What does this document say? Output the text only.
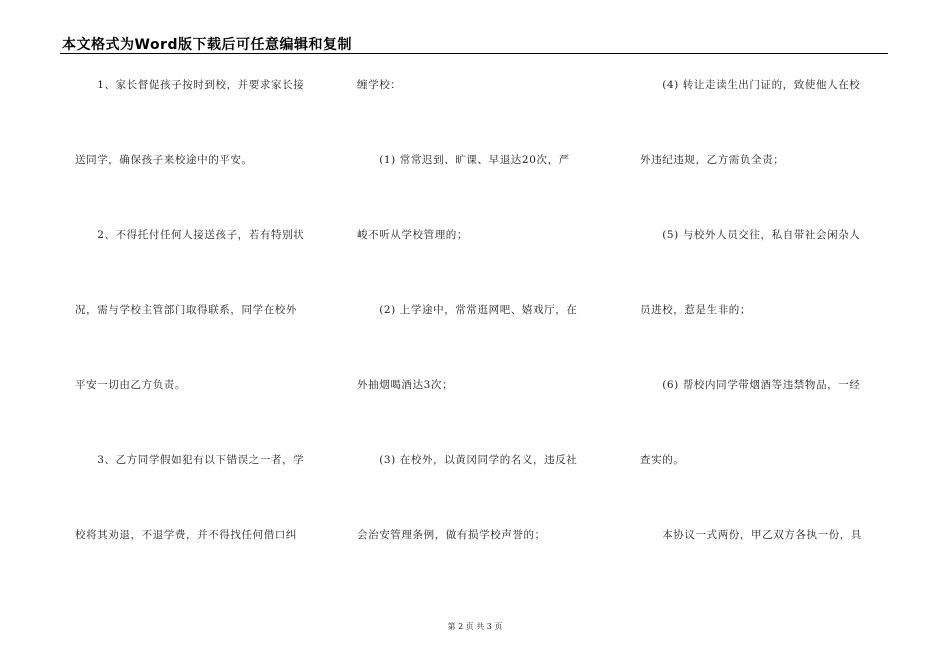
本文格式为Word版下载后可任意编辑和复制
　　1、家长督促孩子按时到校，并要求家长接
送同学，确保孩子来校途中的平安。
　　2、不得托付任何人接送孩子，若有特别状
况，需与学校主管部门取得联系，同学在校外
平安一切由乙方负责。
　　3、乙方同学假如犯有以下错误之一者，学
校将其劝退，不退学费，并不得找任何借口纠
缠学校：
　　(1) 常常迟到、旷课、早退达20次，严
峻不听从学校管理的；
　　(2) 上学途中，常常逛网吧、嬉戏厅，在
外抽烟喝酒达3次；
　　(3) 在校外，以黄冈同学的名义，违反社
会治安管理条例，做有损学校声誉的；
　　(4) 转让走读生出门证的，致使他人在校
外违纪违规，乙方需负全责；
　　(5) 与校外人员交往，私自带社会闲杂人
员进校，惹是生非的；
　　(6) 帮校内同学带烟酒等违禁物品，一经
查实的。
　　本协议一式两份，甲乙双方各执一份，具
第 2 页 共 3 页
